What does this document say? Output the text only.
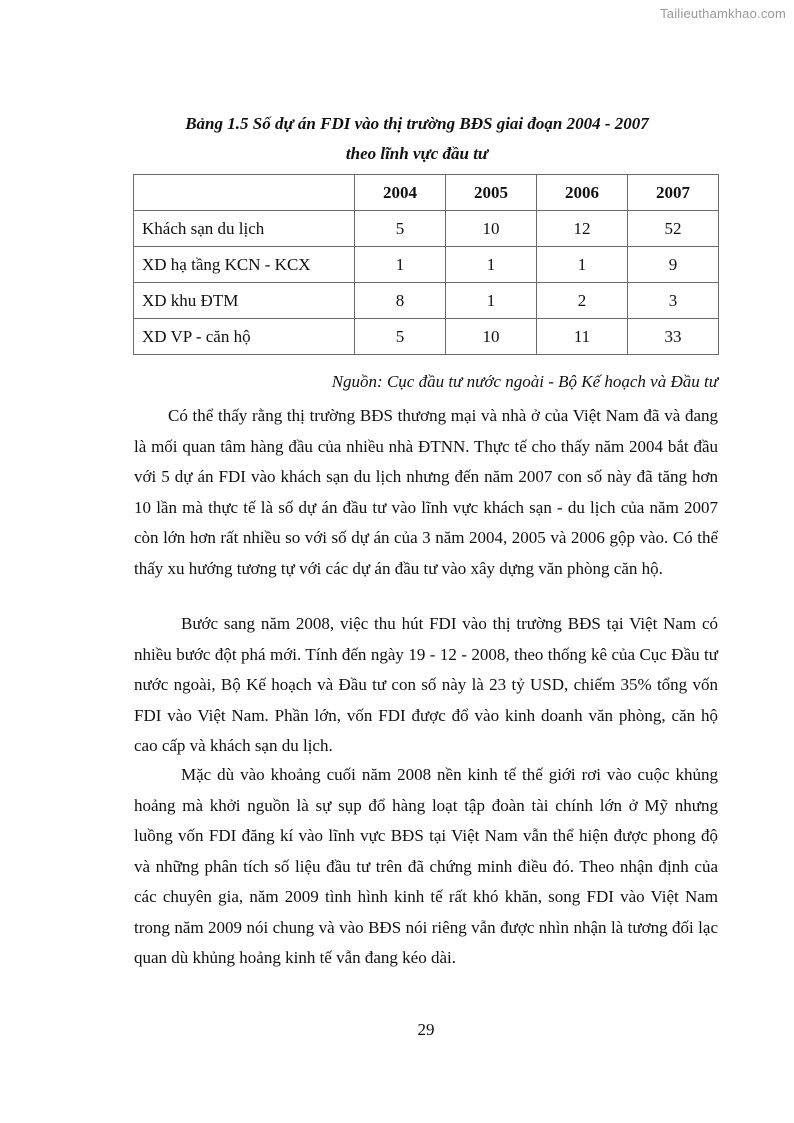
Tailieuthamkhao.com
Bảng 1.5 Số dự án FDI vào thị trường BĐS giai đoạn 2004 - 2007
theo lĩnh vực đầu tư
	2004	2005	2006	2007
Khách sạn du lịch	5	10	12	52
XD hạ tầng KCN - KCX	1	1	1	9
XD khu ĐTM	8	1	2	3
XD VP - căn hộ	5	10	11	33
Nguồn: Cục đầu tư nước ngoài - Bộ Kế hoạch và Đầu tư

Có thể thấy rằng thị trường BĐS thương mại và nhà ở của Việt Nam đã và đang là mối quan tâm hàng đầu của nhiều nhà ĐTNN. Thực tế cho thấy năm 2004 bắt đầu với 5 dự án FDI vào khách sạn du lịch nhưng đến năm 2007 con số này đã tăng hơn 10 lần mà thực tế là số dự án đầu tư vào lĩnh vực khách sạn - du lịch của năm 2007 còn lớn hơn rất nhiều so với số dự án của 3 năm 2004, 2005 và 2006 gộp vào. Có thể thấy xu hướng tương tự với các dự án đầu tư vào xây dựng văn phòng căn hộ.

Bước sang năm 2008, việc thu hút FDI vào thị trường BĐS tại Việt Nam có nhiều bước đột phá mới. Tính đến ngày 19 - 12 - 2008, theo thống kê của Cục Đầu tư nước ngoài, Bộ Kế hoạch và Đầu tư con số này là 23 tỷ USD, chiếm 35% tổng vốn FDI vào Việt Nam. Phần lớn, vốn FDI được đổ vào kinh doanh văn phòng, căn hộ cao cấp và khách sạn du lịch.

Mặc dù vào khoảng cuối năm 2008 nền kinh tế thế giới rơi vào cuộc khủng hoảng mà khởi nguồn là sự sụp đổ hàng loạt tập đoàn tài chính lớn ở Mỹ nhưng luồng vốn FDI đăng kí vào lĩnh vực BĐS tại Việt Nam vẫn thể hiện được phong độ và những phân tích số liệu đầu tư trên đã chứng minh điều đó. Theo nhận định của các chuyên gia, năm 2009 tình hình kinh tế rất khó khăn, song FDI vào Việt Nam trong năm 2009 nói chung và vào BĐS nói riêng vẫn được nhìn nhận là tương đối lạc quan dù khủng hoảng kinh tế vẫn đang kéo dài.

29
